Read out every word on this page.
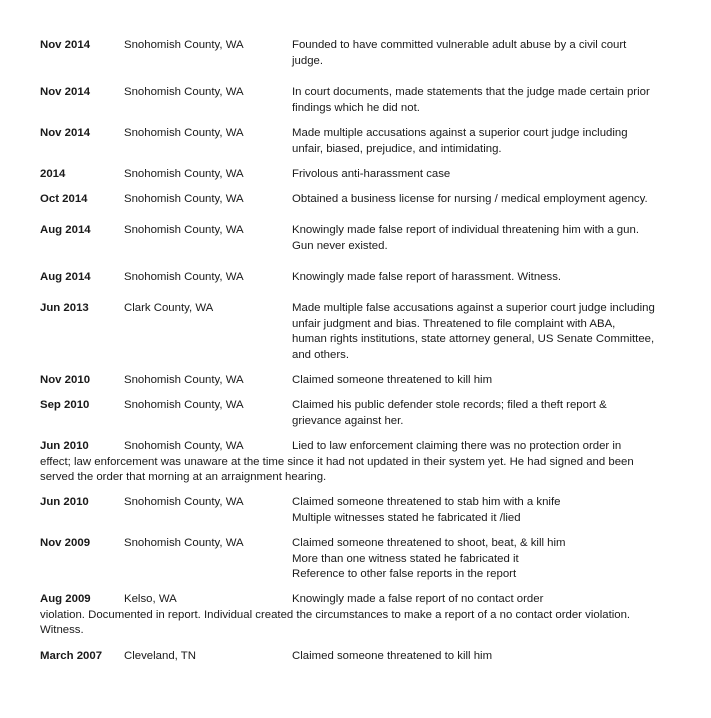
Nov 2014	Snohomish County, WA	Founded to have committed vulnerable adult abuse by a civil court
judge.
Nov 2014	Snohomish County, WA	In court documents, made statements that the judge made certain prior
findings which he did not.
Nov 2014	Snohomish County, WA	Made multiple accusations against a superior court judge including
unfair, biased, prejudice, and intimidating.
2014	Snohomish County, WA	Frivolous anti-harassment case
Oct 2014	Snohomish County, WA	Obtained a business license for nursing / medical employment agency.
Aug 2014	Snohomish County, WA	Knowingly made false report of individual threatening him with a gun.
Gun never existed.
Aug 2014	Snohomish County, WA	Knowingly made false report of harassment. Witness.
Jun 2013	Clark County, WA	Made multiple false accusations against a superior court judge including
unfair judgment and bias. Threatened to file complaint with ABA,
human rights institutions, state attorney general, US Senate Committee,
and others.
Nov 2010	Snohomish County, WA	Claimed someone threatened to kill him
Sep 2010	Snohomish County, WA	Claimed his public defender stole records; filed a theft report &
grievance against her.
Jun 2010	Snohomish County, WA	Lied to law enforcement claiming there was no protection order in
effect; law enforcement was unaware at the time since it had not updated in their system yet. He had signed and been
served the order that morning at an arraignment hearing.
Jun 2010	Snohomish County, WA	Claimed someone threatened to stab him with a knife
Multiple witnesses stated he fabricated it /lied
Nov 2009	Snohomish County, WA	Claimed someone threatened to shoot, beat, & kill him
More than one witness stated he fabricated it
Reference to other false reports in the report
Aug 2009	Kelso, WA	Knowingly made a false report of no contact order
violation. Documented in report. Individual created the circumstances to make a report of a no contact order violation.
Witness.
March 2007 Cleveland, TN	Claimed someone threatened to kill him
